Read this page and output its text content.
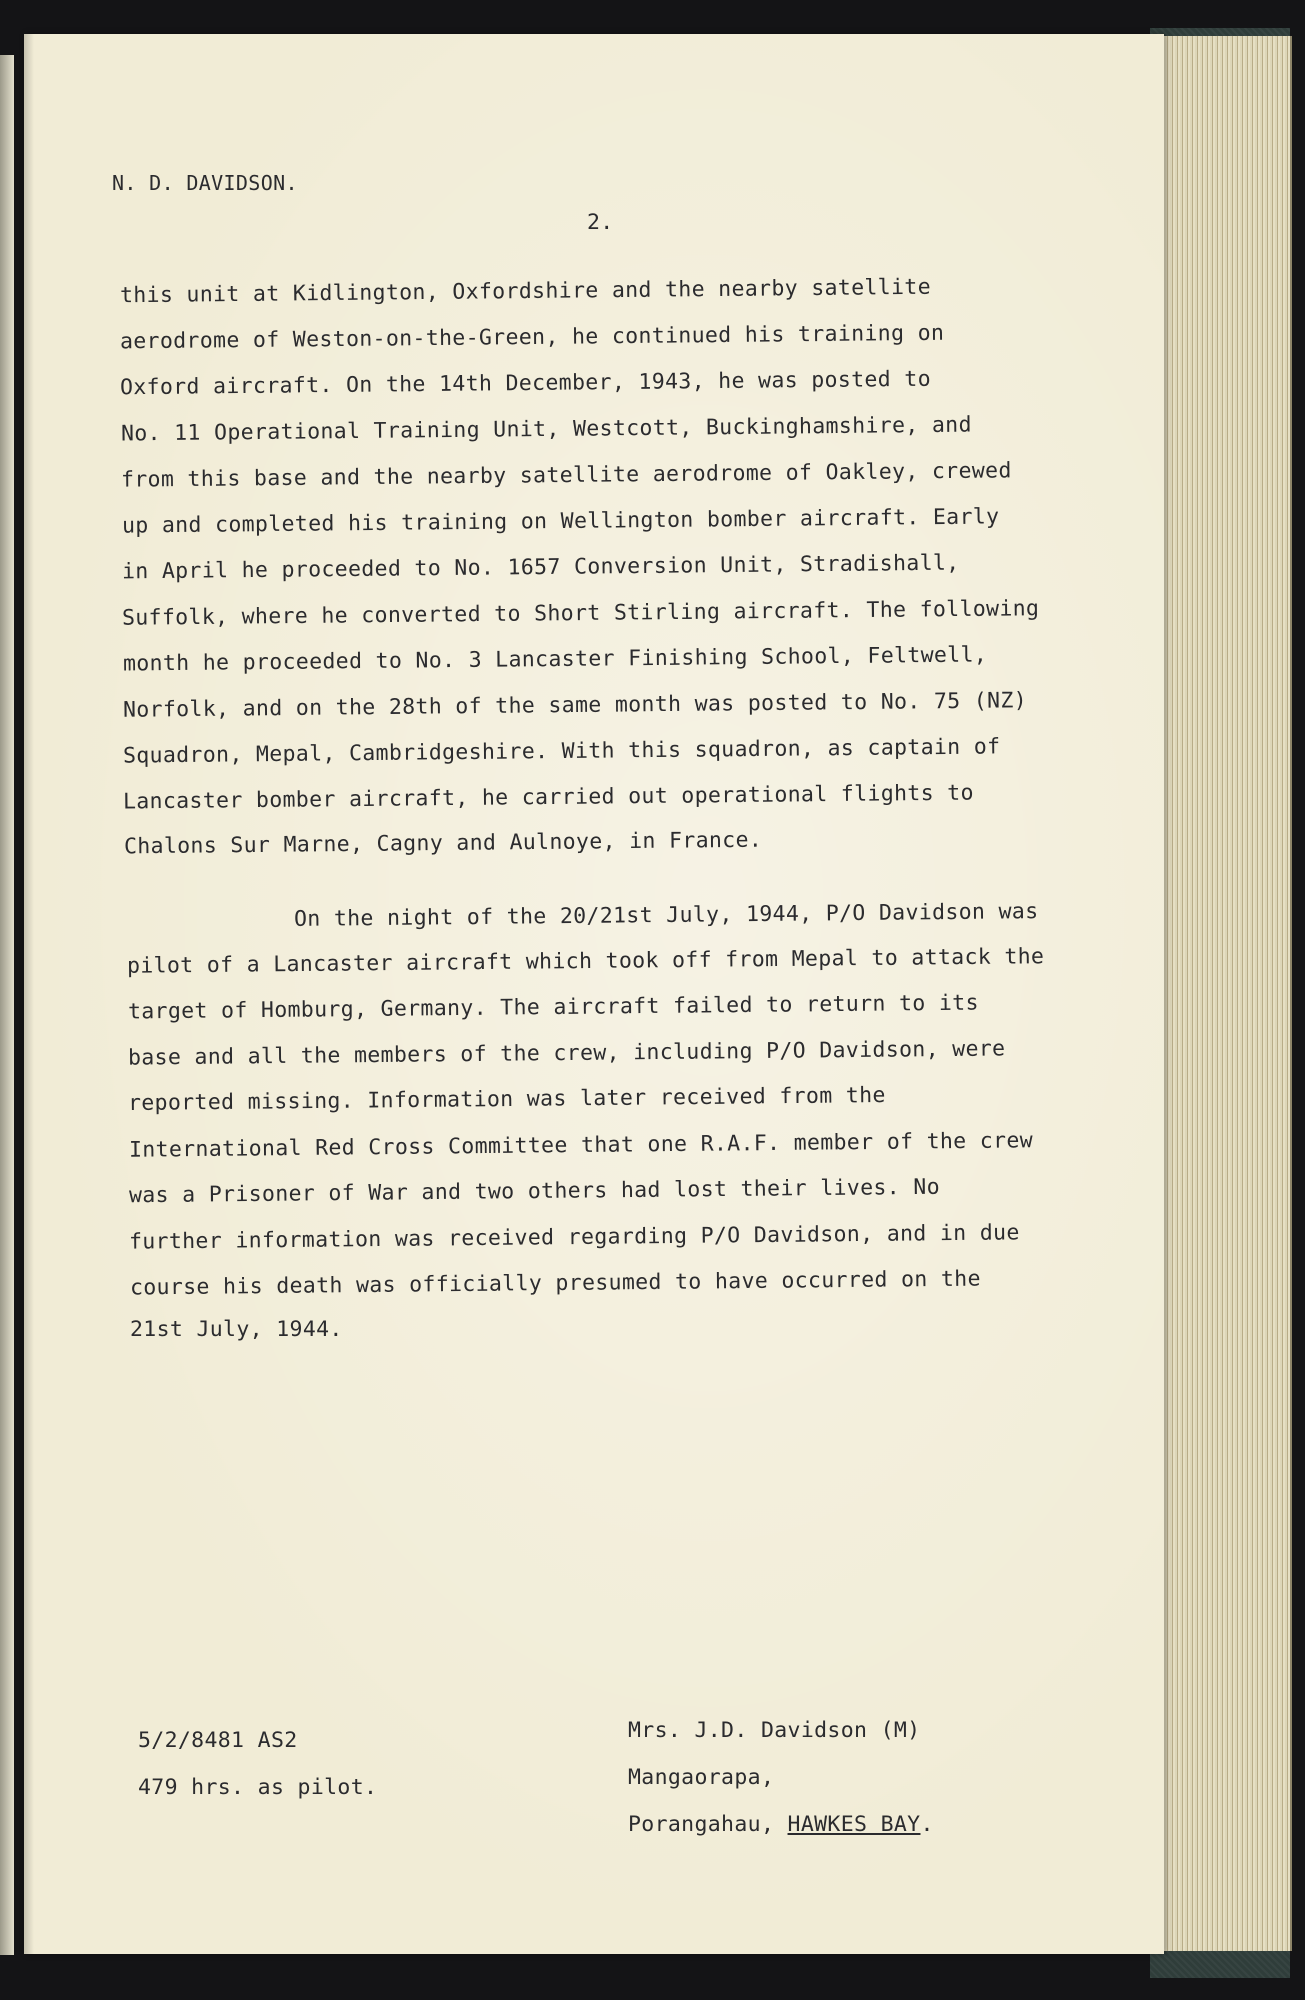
N. D. DAVIDSON.
2.
this unit at Kidlington, Oxfordshire and the nearby satellite
aerodrome of Weston-on-the-Green, he continued his training on
Oxford aircraft. On the 14th December, 1943, he was posted to
No. 11 Operational Training Unit, Westcott, Buckinghamshire, and
from this base and the nearby satellite aerodrome of Oakley, crewed
up and completed his training on Wellington bomber aircraft. Early
in April he proceeded to No. 1657 Conversion Unit, Stradishall,
Suffolk, where he converted to Short Stirling aircraft. The following
month he proceeded to No. 3 Lancaster Finishing School, Feltwell,
Norfolk, and on the 28th of the same month was posted to No. 75 (NZ)
Squadron, Mepal, Cambridgeshire. With this squadron, as captain of
Lancaster bomber aircraft, he carried out operational flights to
Chalons Sur Marne, Cagny and Aulnoye, in France.
On the night of the 20/21st July, 1944, P/O Davidson was
pilot of a Lancaster aircraft which took off from Mepal to attack the
target of Homburg, Germany. The aircraft failed to return to its
base and all the members of the crew, including P/O Davidson, were
reported missing. Information was later received from the
International Red Cross Committee that one R.A.F. member of the crew
was a Prisoner of War and two others had lost their lives. No
further information was received regarding P/O Davidson, and in due
course his death was officially presumed to have occurred on the
21st July, 1944.
5/2/8481 AS2
479 hrs. as pilot.
Mrs. J.D. Davidson (M)
Mangaorapa,
Porangahau, HAWKES BAY.
